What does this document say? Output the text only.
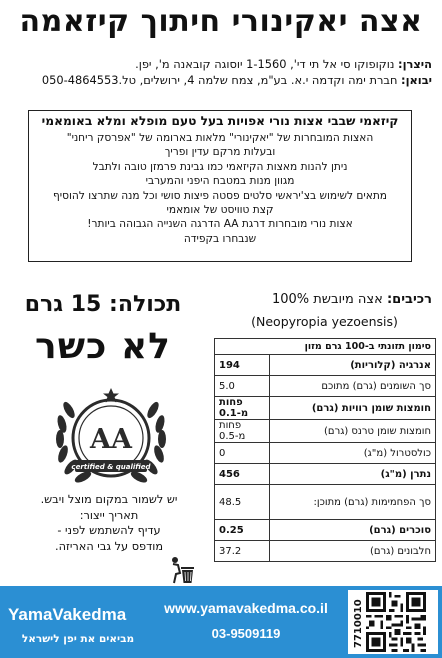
אצה יאקינורי חיתוך קיזאמה
היצרן: נוקופוקו סי אל תי די', 1-1560 יוסוגה קובאנה מ', יפן.
יבואן: חברת ימה וקדמה י.א. בע"מ, צמח שלמה 4, ירושלים, טל.050-4864553
קיזאמי שבבי אצות נורי אפויות בעל טעם מופלא ומלא באומאמי
האצות המובחרות של "יאקינורי" מלאות בארומה של "אפרסק ריחני"
ובעלות מרקם עדין ופריך
ניתן להנות מאצות הקיזאמי כמו גבינת פרמזן טובה ולתבל
מגוון מנות במטבח היפני והמערבי
מתאים לשימוש בצ'יראשי סלטים פסטה פיצות סושי וכל מנה שתרצו להוסיף
קצת טוויסט של אומאמי
אצות נורי מובחרות דרגת AA הדרגה השנייה הגבוהה ביותר!
שנבחרו בקפידה
תכולה: 15 גרם
לא כשר
AA
certified & qualified
יש לשמור במקום מוצל ויבש.
תאריך ייצור:
עדיף להשתמש לפני -
מודפס על גבי האריזה.
רכיבים: אצה מיובשת 100%
(Neopyropia yezoensis)
סימון תזונתי ב-100 גרם מזון	
אנרגיה (קלוריות)	194
סך השומנים (גרם) מתוכם	5.0
חומצות שומן רוויות (גרם)	פחות מ-0.1
חומצות שומן טרנס (גרם)	פחות מ-0.5
כולסטרול (מ"ג)	0
נתרן (מ"ג)	456
סך הפחמימות (גרם) מתוכן:	48.5
סוכרים (גרם)	0.25
חלבונים (גרם)	37.2
YamaVakedma
מביאים את יפן לישראל
www.yamavakedma.co.il
03-9509119	7710010
